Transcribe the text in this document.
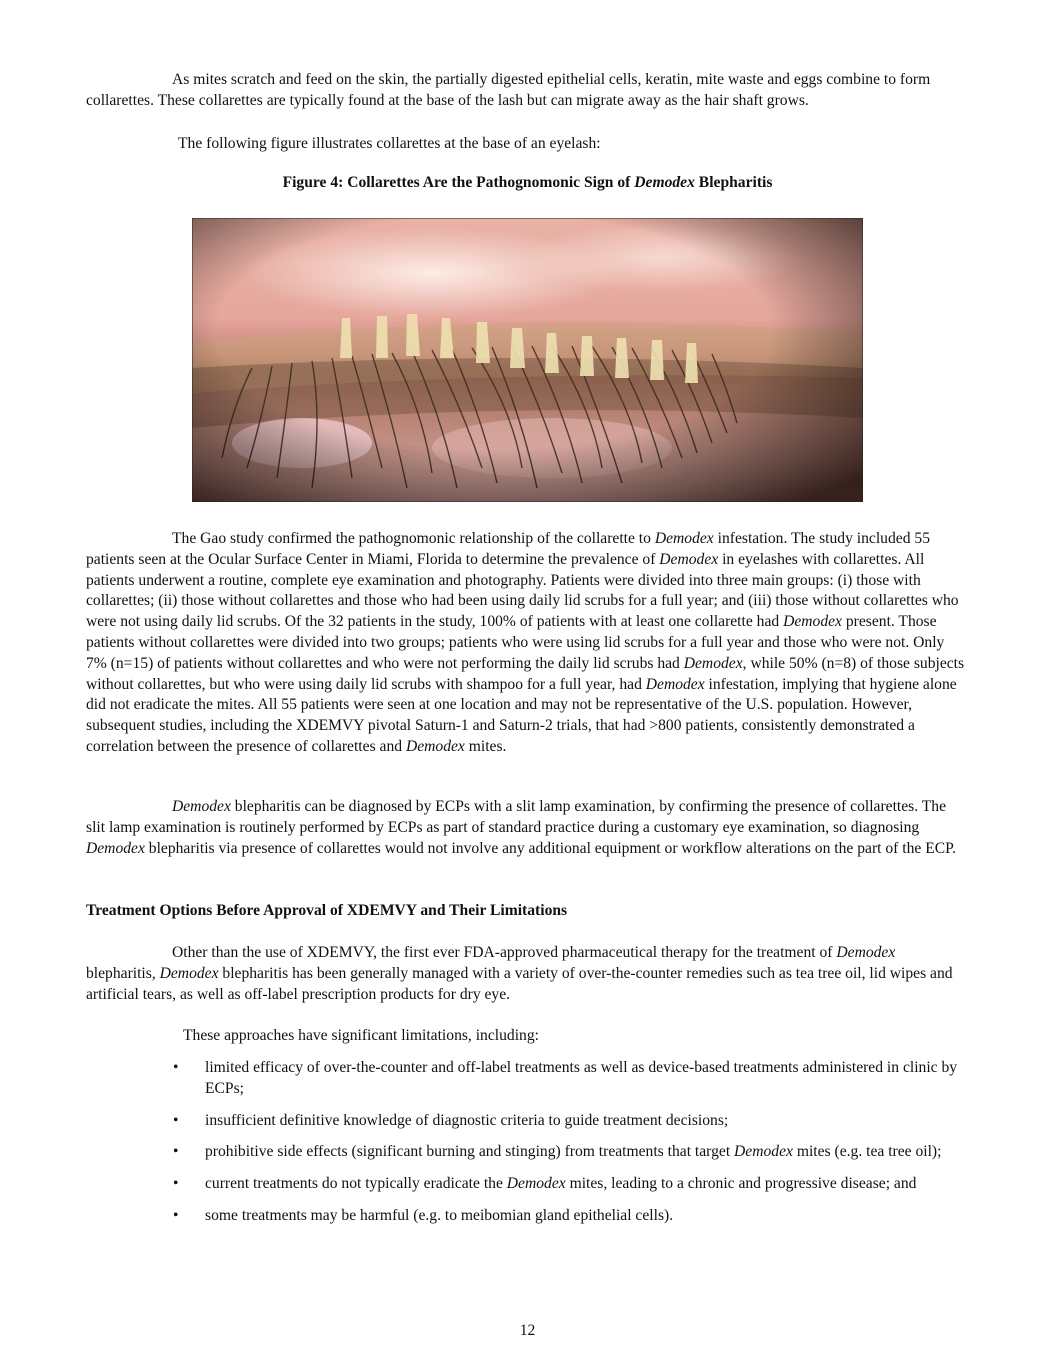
As mites scratch and feed on the skin, the partially digested epithelial cells, keratin, mite waste and eggs combine to form collarettes. These collarettes are typically found at the base of the lash but can migrate away as the hair shaft grows.

The following figure illustrates collarettes at the base of an eyelash:

Figure 4: Collarettes Are the Pathognomonic Sign of Demodex Blepharitis

The Gao study confirmed the pathognomonic relationship of the collarette to Demodex infestation. The study included 55 patients seen at the Ocular Surface Center in Miami, Florida to determine the prevalence of Demodex in eyelashes with collarettes. All patients underwent a routine, complete eye examination and photography. Patients were divided into three main groups: (i) those with collarettes; (ii) those without collarettes and those who had been using daily lid scrubs for a full year; and (iii) those without collarettes who were not using daily lid scrubs. Of the 32 patients in the study, 100% of patients with at least one collarette had Demodex present. Those patients without collarettes were divided into two groups; patients who were using lid scrubs for a full year and those who were not. Only 7% (n=15) of patients without collarettes and who were not performing the daily lid scrubs had Demodex, while 50% (n=8) of those subjects without collarettes, but who were using daily lid scrubs with shampoo for a full year, had Demodex infestation, implying that hygiene alone did not eradicate the mites. All 55 patients were seen at one location and may not be representative of the U.S. population. However, subsequent studies, including the XDEMVY pivotal Saturn-1 and Saturn-2 trials, that had >800 patients, consistently demonstrated a correlation between the presence of collarettes and Demodex mites.

Demodex blepharitis can be diagnosed by ECPs with a slit lamp examination, by confirming the presence of collarettes. The slit lamp examination is routinely performed by ECPs as part of standard practice during a customary eye examination, so diagnosing Demodex blepharitis via presence of collarettes would not involve any additional equipment or workflow alterations on the part of the ECP.

Treatment Options Before Approval of XDEMVY and Their Limitations

Other than the use of XDEMVY, the first ever FDA-approved pharmaceutical therapy for the treatment of Demodex blepharitis, Demodex blepharitis has been generally managed with a variety of over-the-counter remedies such as tea tree oil, lid wipes and artificial tears, as well as off-label prescription products for dry eye.

These approaches have significant limitations, including:

• limited efficacy of over-the-counter and off-label treatments as well as device-based treatments administered in clinic by ECPs;
• insufficient definitive knowledge of diagnostic criteria to guide treatment decisions;
• prohibitive side effects (significant burning and stinging) from treatments that target Demodex mites (e.g. tea tree oil);
• current treatments do not typically eradicate the Demodex mites, leading to a chronic and progressive disease; and
• some treatments may be harmful (e.g. to meibomian gland epithelial cells).

12
